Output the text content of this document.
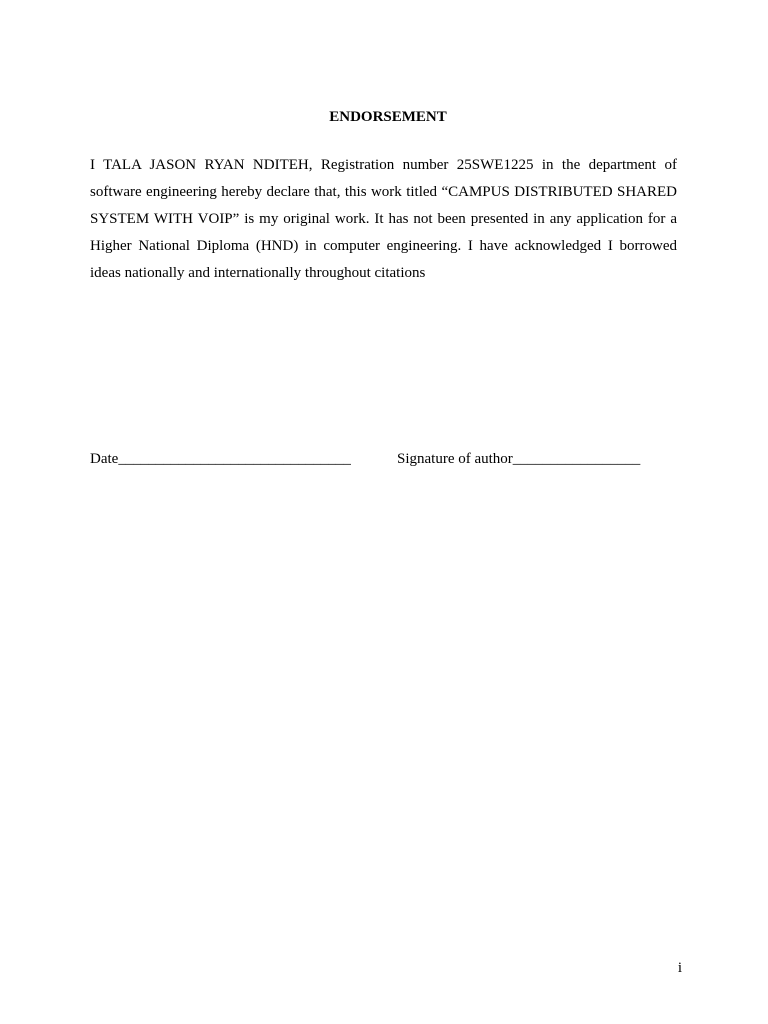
ENDORSEMENT

I TALA JASON RYAN NDITEH, Registration number 25SWE1225 in the department of software engineering hereby declare that, this work titled “CAMPUS DISTRIBUTED SHARED SYSTEM WITH VOIP” is my original work. It has not been presented in any application for a Higher National Diploma (HND) in computer engineering. I have acknowledged I borrowed ideas nationally and internationally throughout citations

Date_______________________________	Signature of author_________________
i
